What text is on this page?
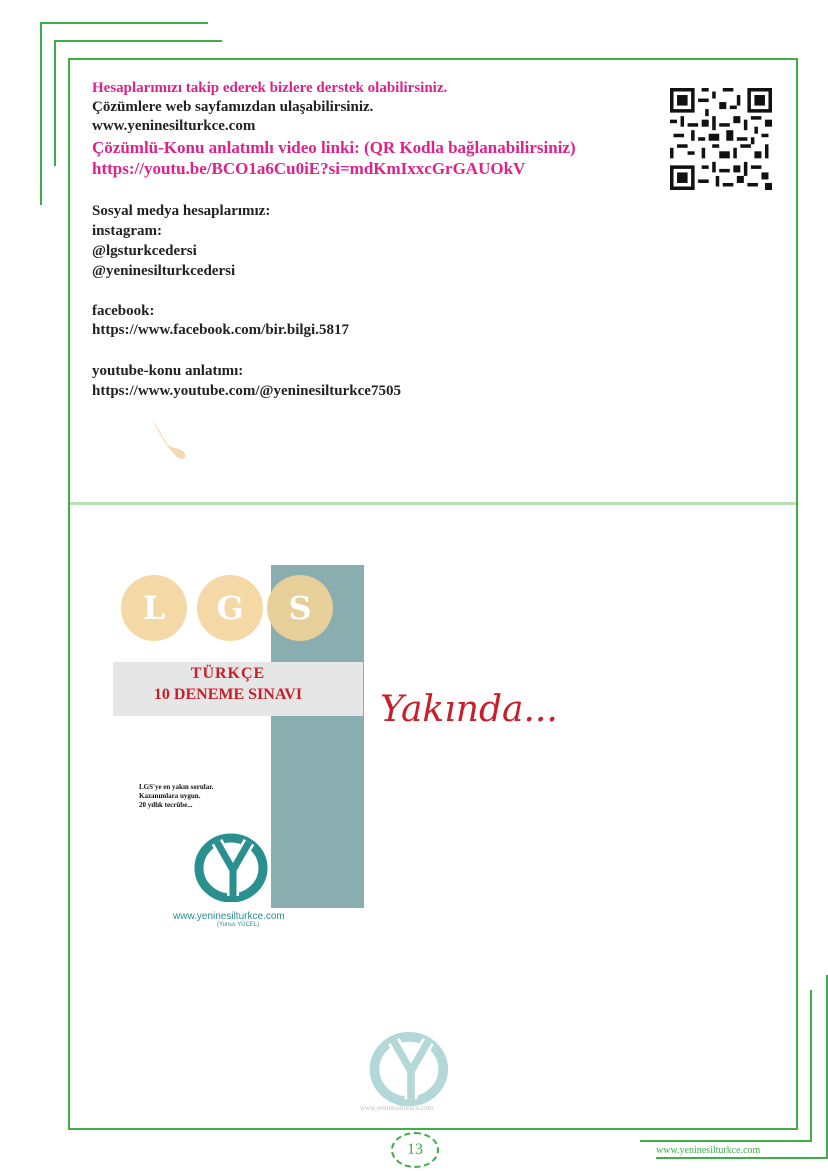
Hesaplarımızı takip ederek bizlere derstek olabilirsiniz.
Çözümlere web sayfamızdan ulaşabilirsiniz.
www.yeninesilturkce.com
Çözümlü-Konu anlatımlı video linki: (QR Kodla bağlanabilirsiniz)
https://youtu.be/BCO1a6Cu0iE?si=mdKmIxxcGrGAUOkV
Sosyal medya hesaplarımız:
instagram:
@lgsturkcedersi
@yeninesilturkcedersi
facebook:
https://www.facebook.com/bir.bilgi.5817
youtube-konu anlatımı:
https://www.youtube.com/@yeninesilturkce7505
L	G	S
TÜRKÇE
10 DENEME SINAVI
LGS'ye en yakın sorular.
Kazanımlara uygun.
20 yıllık tecrübe...
www.yeninesilturkce.com
(Yunus YÜCEL)
Yakında...
www.yeninesilturkce.com
13	www.yeninesilturkce.com
